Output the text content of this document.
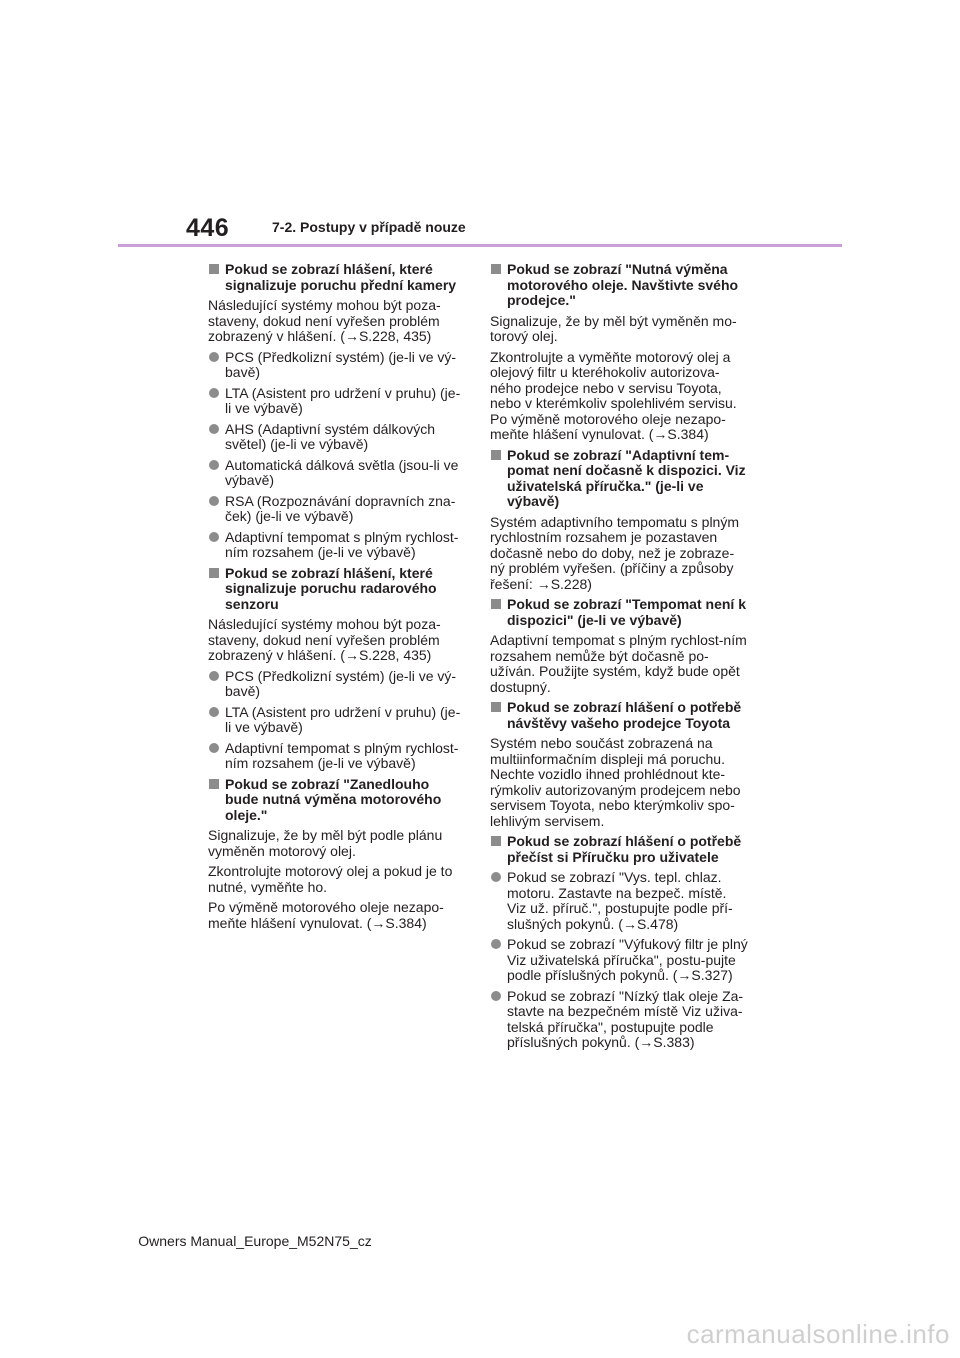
446	7-2. Postupy v případě nouze
Pokud se zobrazí hlášení, které signalizuje poruchu přední kamery
Následující systémy mohou být poza-staveny, dokud není vyřešen problém zobrazený v hlášení. (→S.228, 435)
PCS (Předkolizní systém) (je-li ve vý-bavě)
LTA (Asistent pro udržení v pruhu) (je-li ve výbavě)
AHS (Adaptivní systém dálkových světel) (je-li ve výbavě)
Automatická dálková světla (jsou-li ve výbavě)
RSA (Rozpoznávání dopravních zna-ček) (je-li ve výbavě)
Adaptivní tempomat s plným rychlost-ním rozsahem (je-li ve výbavě)
Pokud se zobrazí hlášení, které signalizuje poruchu radarového senzoru
Následující systémy mohou být poza-staveny, dokud není vyřešen problém zobrazený v hlášení. (→S.228, 435)
PCS (Předkolizní systém) (je-li ve vý-bavě)
LTA (Asistent pro udržení v pruhu) (je-li ve výbavě)
Adaptivní tempomat s plným rychlost-ním rozsahem (je-li ve výbavě)
Pokud se zobrazí "Zanedlouho bude nutná výměna motorového oleje."
Signalizuje, že by měl být podle plánu vyměněn motorový olej.
Zkontrolujte motorový olej a pokud je to nutné, vyměňte ho.
Po výměně motorového oleje nezapo-meňte hlášení vynulovat. (→S.384)
Pokud se zobrazí "Nutná výměna motorového oleje. Navštivte svého prodejce."
Signalizuje, že by měl být vyměněn mo-torový olej.
Zkontrolujte a vyměňte motorový olej a olejový filtr u kteréhokoliv autorizova-ného prodejce nebo v servisu Toyota, nebo v kterémkoliv spolehlivém servisu. Po výměně motorového oleje nezapo-meňte hlášení vynulovat. (→S.384)
Pokud se zobrazí "Adaptivní tem-pomat není dočasně k dispozici. Viz uživatelská příručka." (je-li ve výbavě)
Systém adaptivního tempomatu s plným rychlostním rozsahem je pozastaven dočasně nebo do doby, než je zobraze-ný problém vyřešen. (příčiny a způsoby řešení: →S.228)
Pokud se zobrazí "Tempomat není k dispozici" (je-li ve výbavě)
Adaptivní tempomat s plným rychlost-ním rozsahem nemůže být dočasně po-užíván. Použijte systém, když bude opět dostupný.
Pokud se zobrazí hlášení o potřebě návštěvy vašeho prodejce Toyota
Systém nebo součást zobrazená na multiinformačním displeji má poruchu. Nechte vozidlo ihned prohlédnout kte-rýmkoliv autorizovaným prodejcem nebo servisem Toyota, nebo kterýmkoliv spo-lehlivým servisem.
Pokud se zobrazí hlášení o potřebě přečíst si Příručku pro uživatele
Pokud se zobrazí "Vys. tepl. chlaz. motoru. Zastavte na bezpeč. místě. Viz už. příruč.", postupujte podle pří-slušných pokynů. (→S.478)
Pokud se zobrazí "Výfukový filtr je plný Viz uživatelská příručka", postu-pujte podle příslušných pokynů. (→S.327)
Pokud se zobrazí "Nízký tlak oleje Za-stavte na bezpečném místě Viz uživa-telská příručka", postupujte podle příslušných pokynů. (→S.383)
Owners Manual_Europe_M52N75_cz
carmanualsonline.info
